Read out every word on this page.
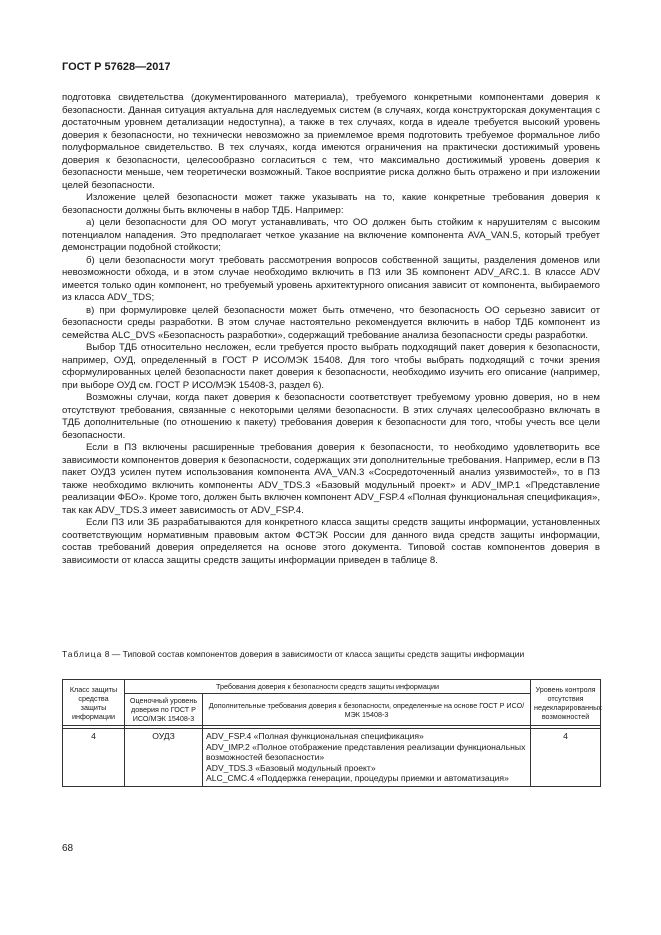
ГОСТ Р 57628—2017

подготовка свидетельства (документированного материала), требуемого конкретными компонентами доверия к безопасности. Данная ситуация актуальна для наследуемых систем (в случаях, когда конструкторская документация с достаточным уровнем детализации недоступна), а также в тех случаях, когда в идеале требуется высокий уровень доверия к безопасности, но технически невозможно за приемлемое время подготовить требуемое формальное либо полуформальное свидетельство. В тех случаях, когда имеются ограничения на практически достижимый уровень доверия к безопасности, целесообразно согласиться с тем, что максимально достижимый уровень доверия к безопасности меньше, чем теоретически возможный. Такое восприятие риска должно быть отражено и при изложении целей безопасности.

Изложение целей безопасности может также указывать на то, какие конкретные требования доверия к безопасности должны быть включены в набор ТДБ. Например:

а) цели безопасности для ОО могут устанавливать, что ОО должен быть стойким к нарушителям с высоким потенциалом нападения. Это предполагает четкое указание на включение компонента AVA_VAN.5, который требует демонстрации подобной стойкости;

б) цели безопасности могут требовать рассмотрения вопросов собственной защиты, разделения доменов или невозможности обхода, и в этом случае необходимо включить в ПЗ или ЗБ компонент ADV_ARC.1. В классе ADV имеется только один компонент, но требуемый уровень архитектурного описания зависит от компонента, выбираемого из класса ADV_TDS;

в) при формулировке целей безопасности может быть отмечено, что безопасность ОО серьезно зависит от безопасности среды разработки. В этом случае настоятельно рекомендуется включить в набор ТДБ компонент из семейства ALC_DVS «Безопасность разработки», содержащий требование анализа безопасности среды разработки.

Выбор ТДБ относительно несложен, если требуется просто выбрать подходящий пакет доверия к безопасности, например, ОУД, определенный в ГОСТ Р ИСО/МЭК 15408. Для того чтобы выбрать подходящий с точки зрения сформулированных целей безопасности пакет доверия к безопасности, необходимо изучить его описание (например, при выборе ОУД см. ГОСТ Р ИСО/МЭК 15408-3, раздел 6).

Возможны случаи, когда пакет доверия к безопасности соответствует требуемому уровню доверия, но в нем отсутствуют требования, связанные с некоторыми целями безопасности. В этих случаях целесообразно включать в ТДБ дополнительные (по отношению к пакету) требования доверия к безопасности для того, чтобы учесть все цели безопасности.

Если в ПЗ включены расширенные требования доверия к безопасности, то необходимо удовлетворить все зависимости компонентов доверия к безопасности, содержащих эти дополнительные требования. Например, если в ПЗ пакет ОУДЗ усилен путем использования компонента AVA_VAN.3 «Сосредоточенный анализ уязвимостей», то в ПЗ также необходимо включить компоненты ADV_TDS.3 «Базовый модульный проект» и ADV_IMP.1 «Представление реализации ФБО». Кроме того, должен быть включен компонент ADV_FSP.4 «Полная функциональная спецификация», так как ADV_TDS.3 имеет зависимость от ADV_FSP.4.

Если ПЗ или ЗБ разрабатываются для конкретного класса защиты средств защиты информации, установленных соответствующим нормативным правовым актом ФСТЭК России для данного вида средств защиты информации, состав требований доверия определяется на основе этого документа. Типовой состав компонентов доверия в зависимости от класса защиты средств защиты информации приведен в таблице 8.

Таблица 8 — Типовой состав компонентов доверия в зависимости от класса защиты средств защиты информации
Класс защиты средства защиты информации	Требования доверия к безопасности средств защиты информации		Уровень контроля отсутствия недекларированных возможностей
	Оценочный уровень доверия по ГОСТ Р ИСО/МЭК 15408-3	Дополнительные требования доверия к безопасности, определенные на основе ГОСТ Р ИСО/МЭК 15408-3	

4	ОУДЗ	ADV_FSP.4 «Полная функциональная спецификация»
ADV_IMP.2 «Полное отображение представления реализации функциональных возможностей безопасности»
ADV_TDS.3 «Базовый модульный проект»
ALC_CMC.4 «Поддержка генерации, процедуры приемки и автоматизация»	4
68
